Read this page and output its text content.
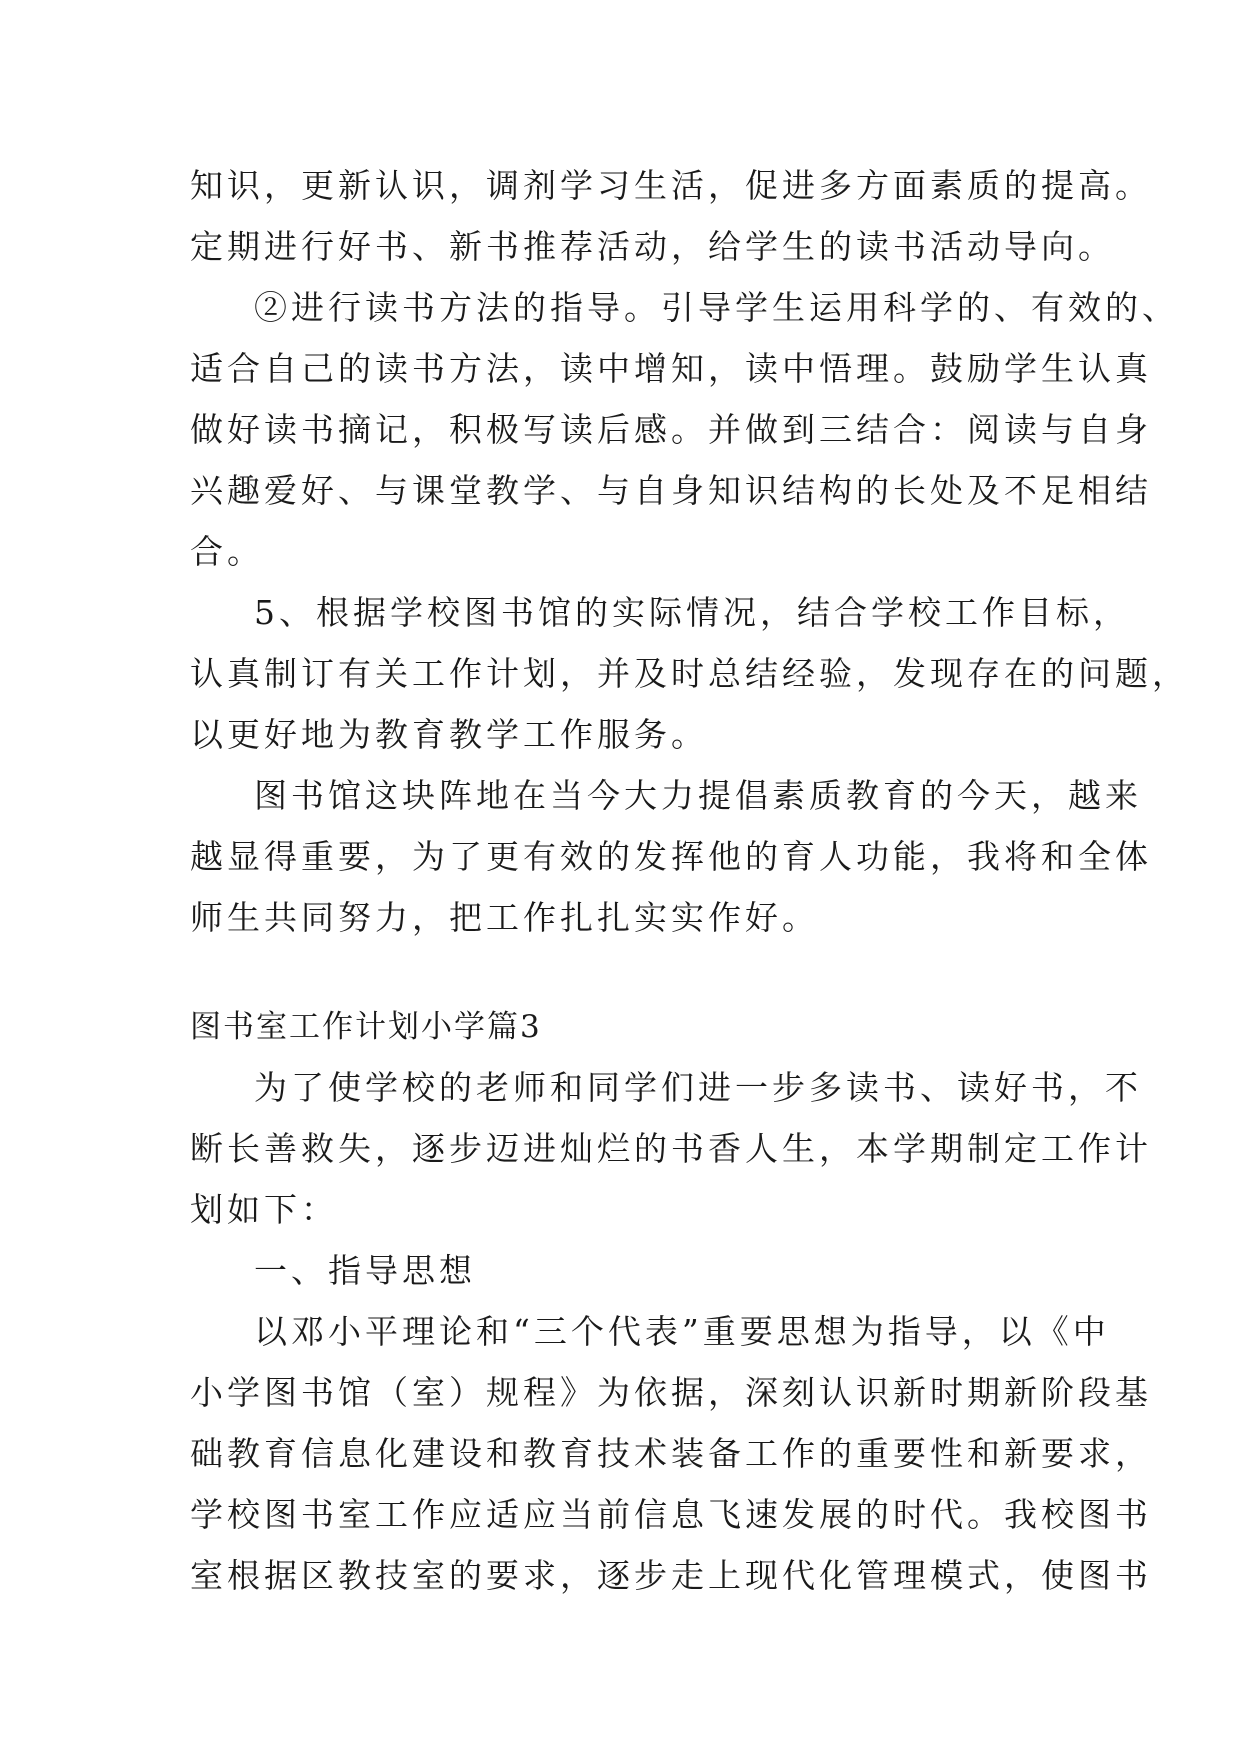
知识，更新认识，调剂学习生活，促进多方面素质的提高。
定期进行好书、新书推荐活动，给学生的读书活动导向。
②进行读书方法的指导。引导学生运用科学的、有效的、
适合自己的读书方法，读中增知，读中悟理。鼓励学生认真
做好读书摘记，积极写读后感。并做到三结合：阅读与自身
兴趣爱好、与课堂教学、与自身知识结构的长处及不足相结
合。
5、根据学校图书馆的实际情况，结合学校工作目标，
认真制订有关工作计划，并及时总结经验，发现存在的问题，
以更好地为教育教学工作服务。
图书馆这块阵地在当今大力提倡素质教育的今天，越来
越显得重要，为了更有效的发挥他的育人功能，我将和全体
师生共同努力，把工作扎扎实实作好。
图书室工作计划小学篇3
为了使学校的老师和同学们进一步多读书、读好书，不
断长善救失，逐步迈进灿烂的书香人生，本学期制定工作计
划如下：
一、指导思想
以邓小平理论和“三个代表”重要思想为指导，以《中
小学图书馆（室）规程》为依据，深刻认识新时期新阶段基
础教育信息化建设和教育技术装备工作的重要性和新要求，
学校图书室工作应适应当前信息飞速发展的时代。我校图书
室根据区教技室的要求，逐步走上现代化管理模式，使图书
